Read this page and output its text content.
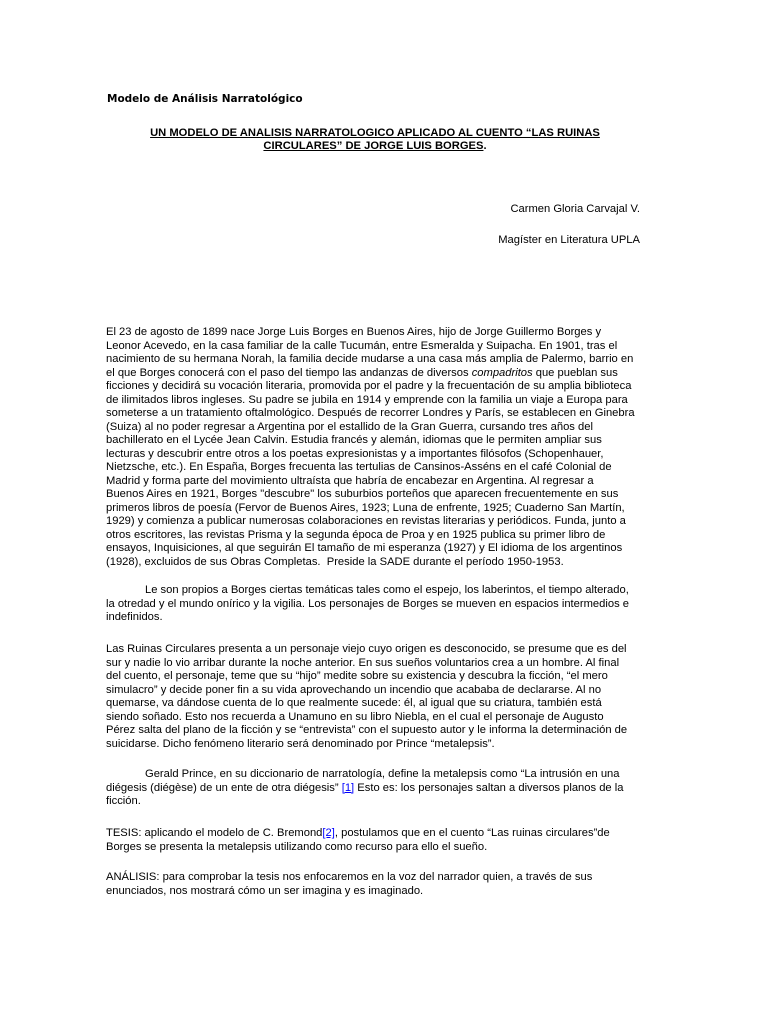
Modelo de Análisis Narratológico
UN MODELO DE ANALISIS NARRATOLOGICO APLICADO AL CUENTO “LAS RUINAS
CIRCULARES” DE JORGE LUIS BORGES.
Carmen Gloria Carvajal V.
Magíster en Literatura UPLA
El 23 de agosto de 1899 nace Jorge Luis Borges en Buenos Aires, hijo de Jorge Guillermo Borges y
Leonor Acevedo, en la casa familiar de la calle Tucumán, entre Esmeralda y Suipacha. En 1901, tras el
nacimiento de su hermana Norah, la familia decide mudarse a una casa más amplia de Palermo, barrio en
el que Borges conocerá con el paso del tiempo las andanzas de diversos compadritos que pueblan sus
ficciones y decidirá su vocación literaria, promovida por el padre y la frecuentación de su amplia biblioteca
de ilimitados libros ingleses. Su padre se jubila en 1914 y emprende con la familia un viaje a Europa para
someterse a un tratamiento oftalmológico. Después de recorrer Londres y París, se establecen en Ginebra
(Suiza) al no poder regresar a Argentina por el estallido de la Gran Guerra, cursando tres años del
bachillerato en el Lycée Jean Calvin. Estudia francés y alemán, idiomas que le permiten ampliar sus
lecturas y descubrir entre otros a los poetas expresionistas y a importantes filósofos (Schopenhauer,
Nietzsche, etc.). En España, Borges frecuenta las tertulias de Cansinos-Asséns en el café Colonial de
Madrid y forma parte del movimiento ultraísta que habría de encabezar en Argentina. Al regresar a
Buenos Aires en 1921, Borges "descubre" los suburbios porteños que aparecen frecuentemente en sus
primeros libros de poesía (Fervor de Buenos Aires, 1923; Luna de enfrente, 1925; Cuaderno San Martín,
1929) y comienza a publicar numerosas colaboraciones en revistas literarias y periódicos. Funda, junto a
otros escritores, las revistas Prisma y la segunda época de Proa y en 1925 publica su primer libro de
ensayos, Inquisiciones, al que seguirán El tamaño de mi esperanza (1927) y El idioma de los argentinos
(1928), excluidos de sus Obras Completas.  Preside la SADE durante el período 1950-1953.
Le son propios a Borges ciertas temáticas tales como el espejo, los laberintos, el tiempo alterado,
la otredad y el mundo onírico y la vigilia. Los personajes de Borges se mueven en espacios intermedios e
indefinidos.
Las Ruinas Circulares presenta a un personaje viejo cuyo origen es desconocido, se presume que es del
sur y nadie lo vio arribar durante la noche anterior. En sus sueños voluntarios crea a un hombre. Al final
del cuento, el personaje, teme que su “hijo” medite sobre su existencia y descubra la ficción, “el mero
simulacro” y decide poner fin a su vida aprovechando un incendio que acababa de declararse. Al no
quemarse, va dándose cuenta de lo que realmente sucede: él, al igual que su criatura, también está
siendo soñado. Esto nos recuerda a Unamuno en su libro Niebla, en el cual el personaje de Augusto
Pérez salta del plano de la ficción y se “entrevista” con el supuesto autor y le informa la determinación de
suicidarse. Dicho fenómeno literario será denominado por Prince “metalepsis”.
Gerald Prince, en su diccionario de narratología, define la metalepsis como “La intrusión en una
diégesis (diégèse) de un ente de otra diégesis” [1] Esto es: los personajes saltan a diversos planos de la
ficción.
TESIS: aplicando el modelo de C. Bremond[2], postulamos que en el cuento “Las ruinas circulares”de
Borges se presenta la metalepsis utilizando como recurso para ello el sueño.
ANÁLISIS: para comprobar la tesis nos enfocaremos en la voz del narrador quien, a través de sus
enunciados, nos mostrará cómo un ser imagina y es imaginado.
